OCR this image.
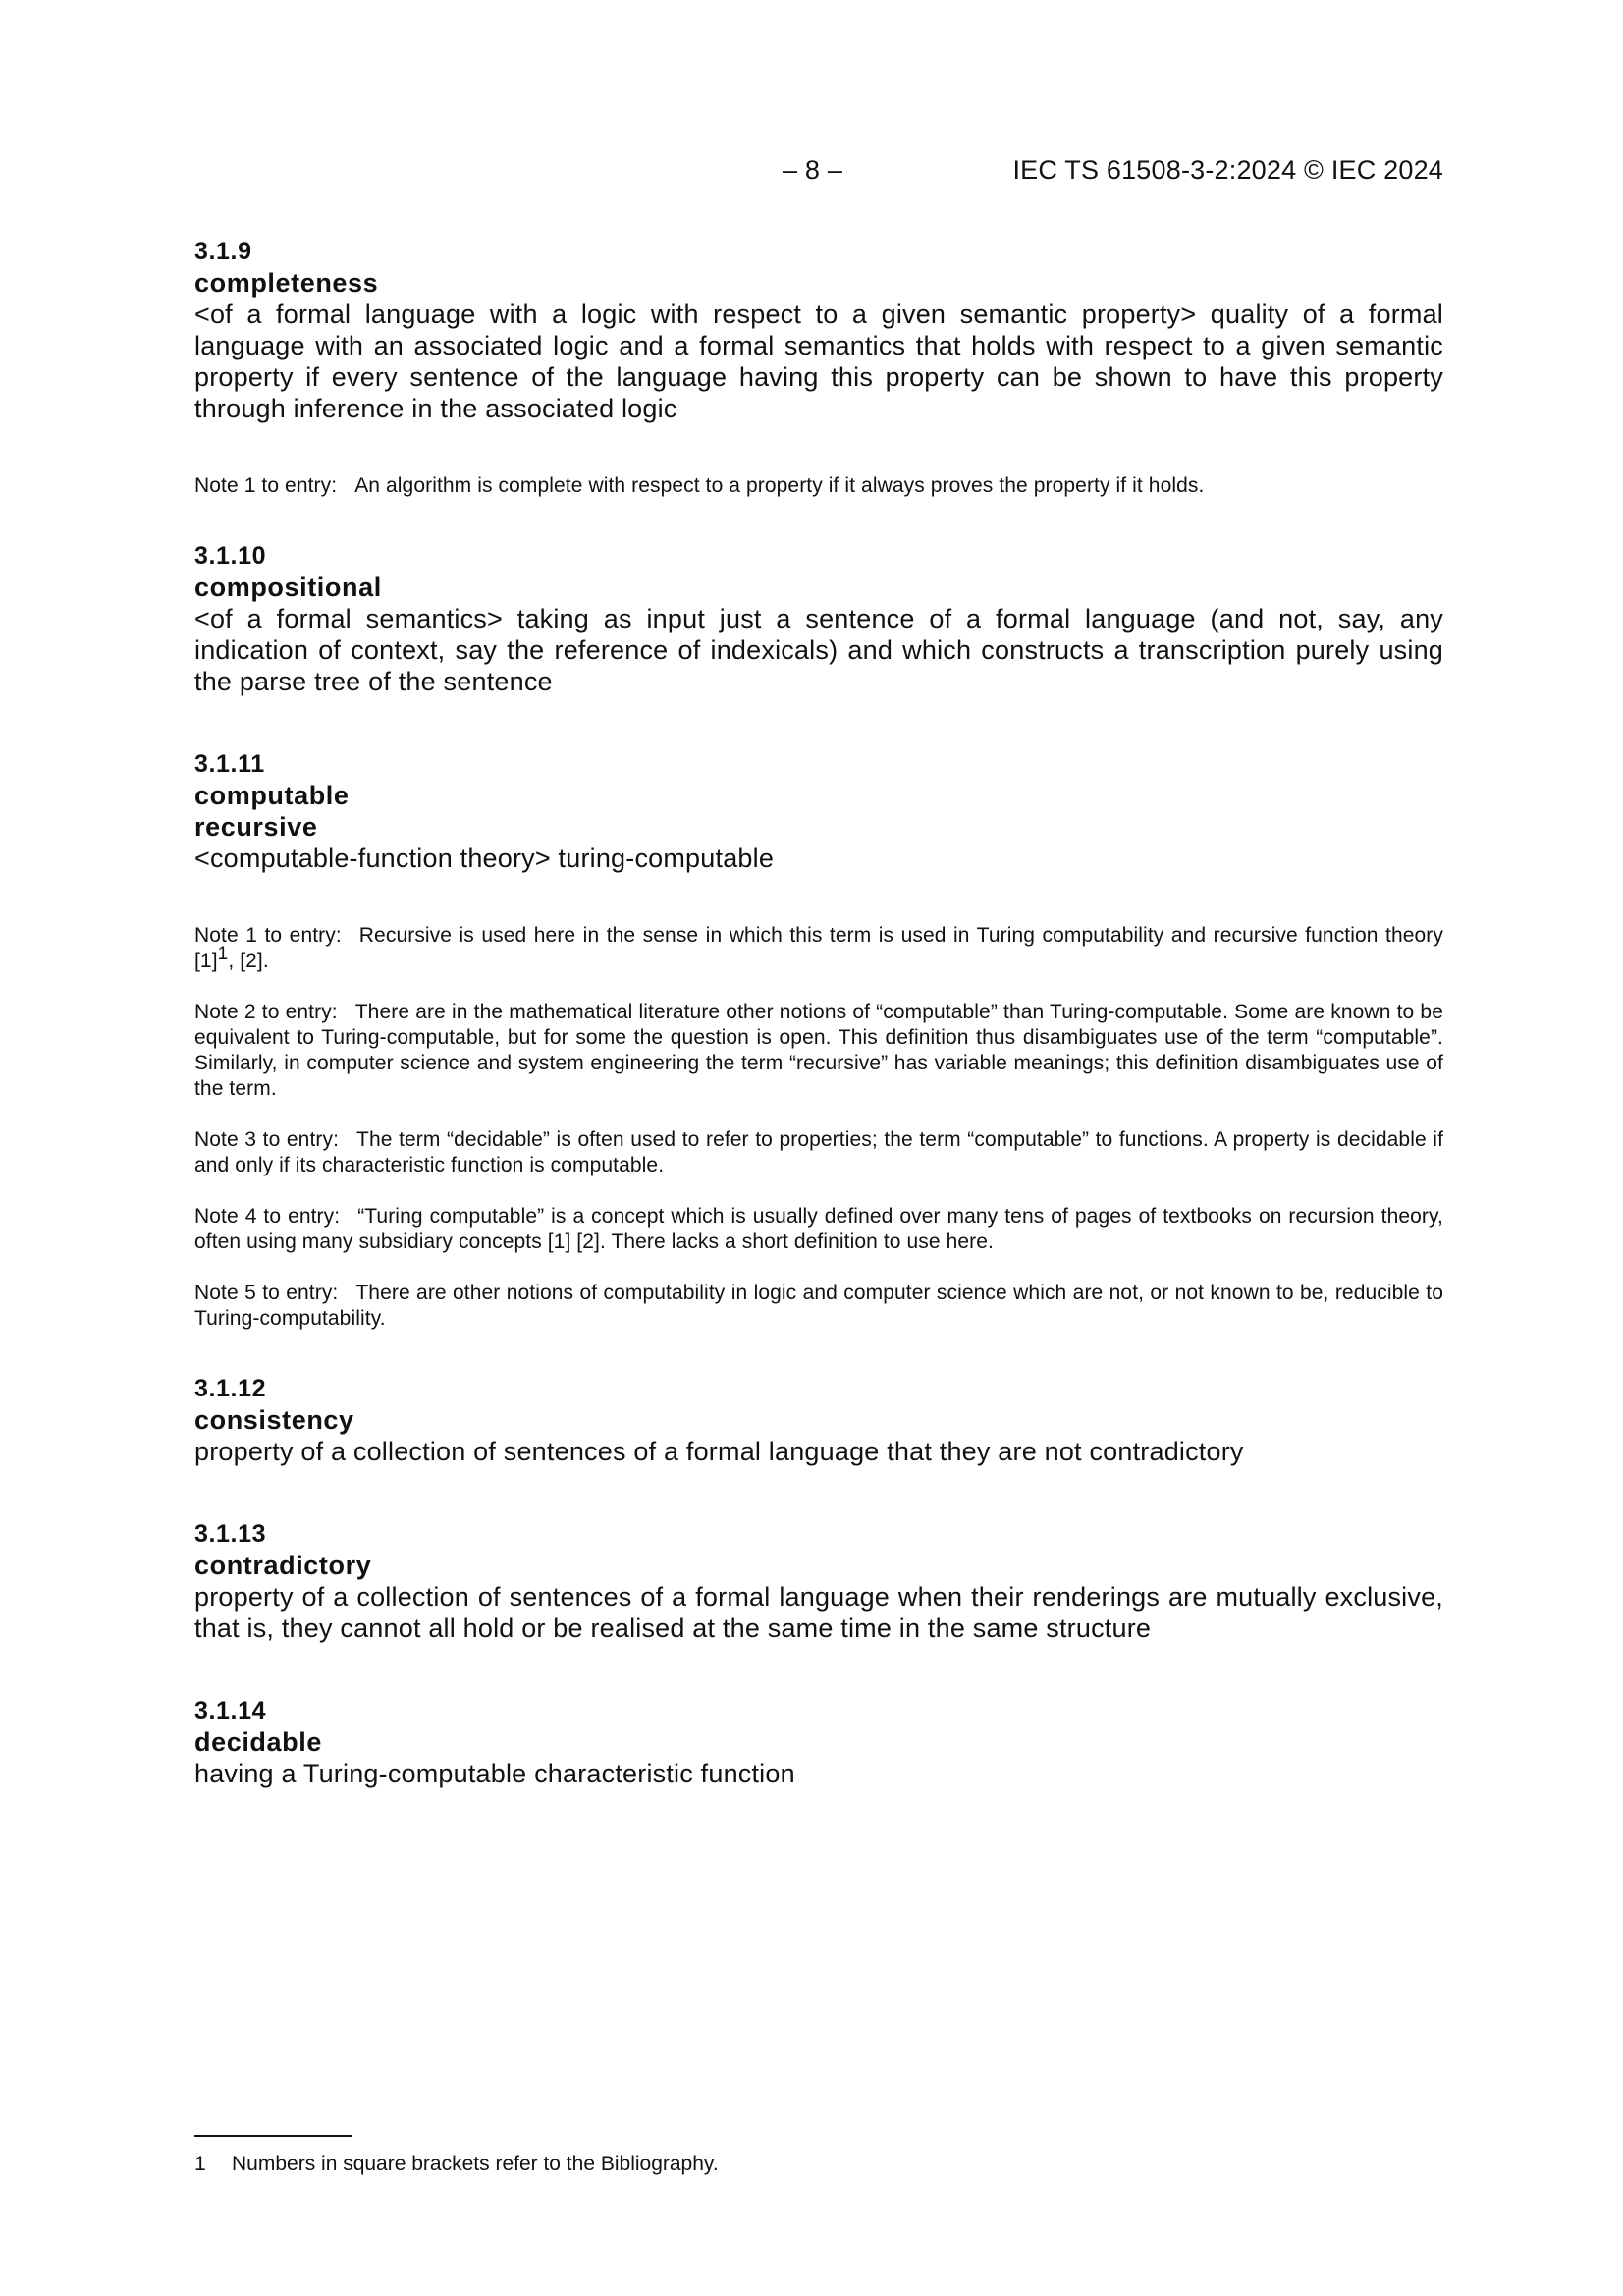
– 8 –	IEC TS 61508-3-2:2024 © IEC 2024
3.1.9
completeness
<of a formal language with a logic with respect to a given semantic property> quality of a formal language with an associated logic and a formal semantics that holds with respect to a given semantic property if every sentence of the language having this property can be shown to have this property through inference in the associated logic
Note 1 to entry: An algorithm is complete with respect to a property if it always proves the property if it holds.
3.1.10
compositional
<of a formal semantics> taking as input just a sentence of a formal language (and not, say, any indication of context, say the reference of indexicals) and which constructs a transcription purely using the parse tree of the sentence
3.1.11
computable
recursive
<computable-function theory> turing-computable
Note 1 to entry: Recursive is used here in the sense in which this term is used in Turing computability and recursive function theory $[1]^1$, [2].
Note 2 to entry: There are in the mathematical literature other notions of “computable” than Turing-computable. Some are known to be equivalent to Turing-computable, but for some the question is open. This definition thus disambiguates use of the term “computable”. Similarly, in computer science and system engineering the term “recursive” has variable meanings; this definition disambiguates use of the term.
Note 3 to entry: The term “decidable” is often used to refer to properties; the term “computable” to functions. A property is decidable if and only if its characteristic function is computable.
Note 4 to entry: “Turing computable” is a concept which is usually defined over many tens of pages of textbooks on recursion theory, often using many subsidiary concepts [1] [2]. There lacks a short definition to use here.
Note 5 to entry: There are other notions of computability in logic and computer science which are not, or not known to be, reducible to Turing-computability.
3.1.12
consistency
property of a collection of sentences of a formal language that they are not contradictory
3.1.13
contradictory
property of a collection of sentences of a formal language when their renderings are mutually exclusive, that is, they cannot all hold or be realised at the same time in the same structure
3.1.14
decidable
having a Turing-computable characteristic function
1 Numbers in square brackets refer to the Bibliography.
